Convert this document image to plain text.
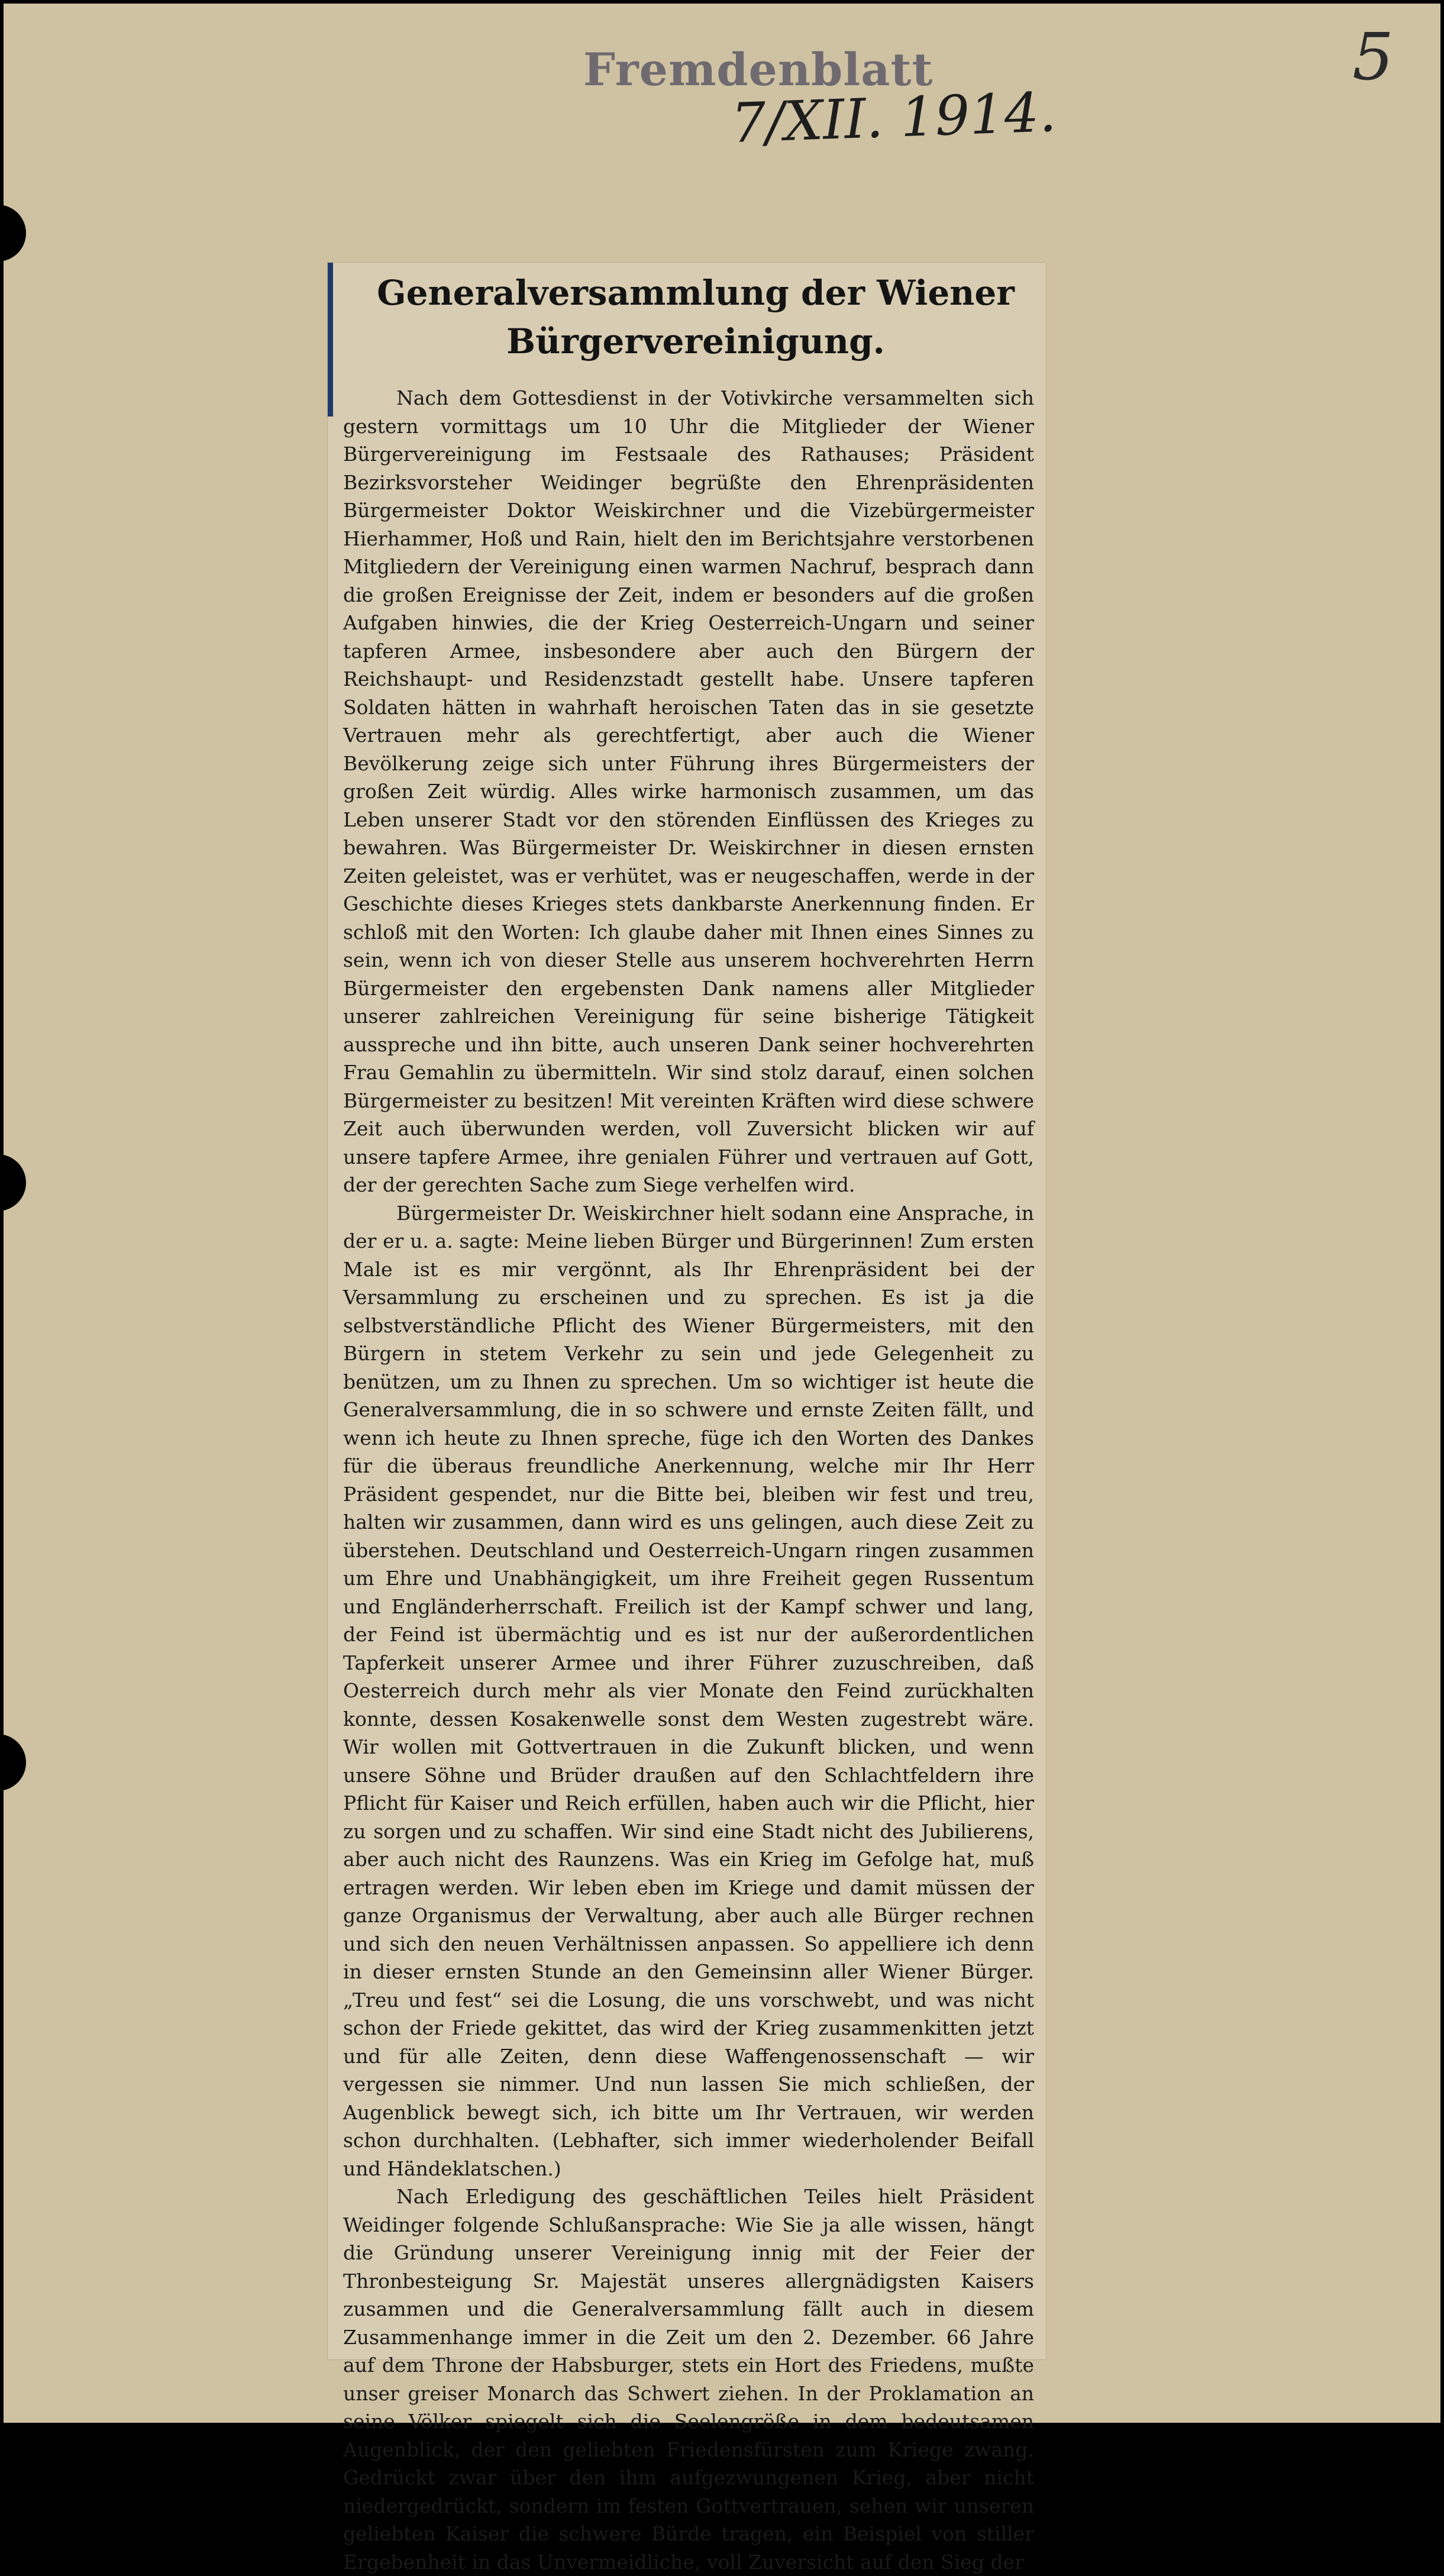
Fremdenblatt
7/XII. 1914.
5
Generalversammlung der Wiener Bürgervereinigung.

Nach dem Gottesdienst in der Votivkirche versammelten sich gestern vormittags um 10 Uhr die Mitglieder der Wiener Bürgervereinigung im Festsaale des Rathauses; Präsident Bezirksvorsteher Weidinger begrüßte den Ehrenpräsidenten Bürgermeister Doktor Weiskirchner und die Vizebürgermeister Hierhammer, Hoß und Rain, hielt den im Berichtsjahre verstorbenen Mitgliedern der Vereinigung einen warmen Nachruf, besprach dann die großen Ereignisse der Zeit, indem er besonders auf die großen Aufgaben hinwies, die der Krieg Oesterreich-Ungarn und seiner tapferen Armee, insbesondere aber auch den Bürgern der Reichshaupt- und Residenzstadt gestellt habe. Unsere tapferen Soldaten hätten in wahrhaft heroischen Taten das in sie gesetzte Vertrauen mehr als gerechtfertigt, aber auch die Wiener Bevölkerung zeige sich unter Führung ihres Bürgermeisters der großen Zeit würdig. Alles wirke harmonisch zusammen, um das Leben unserer Stadt vor den störenden Einflüssen des Krieges zu bewahren. Was Bürgermeister Dr. Weiskirchner in diesen ernsten Zeiten geleistet, was er verhütet, was er neugeschaffen, werde in der Geschichte dieses Krieges stets dankbarste Anerkennung finden. Er schloß mit den Worten: Ich glaube daher mit Ihnen eines Sinnes zu sein, wenn ich von dieser Stelle aus unserem hochverehrten Herrn Bürgermeister den ergebensten Dank namens aller Mitglieder unserer zahlreichen Vereinigung für seine bisherige Tätigkeit ausspreche und ihn bitte, auch unseren Dank seiner hochverehrten Frau Gemahlin zu übermitteln. Wir sind stolz darauf, einen solchen Bürgermeister zu besitzen! Mit vereinten Kräften wird diese schwere Zeit auch überwunden werden, voll Zuversicht blicken wir auf unsere tapfere Armee, ihre genialen Führer und vertrauen auf Gott, der der gerechten Sache zum Siege verhelfen wird.

Bürgermeister Dr. Weiskirchner hielt sodann eine Ansprache, in der er u. a. sagte: Meine lieben Bürger und Bürgerinnen! Zum ersten Male ist es mir vergönnt, als Ihr Ehrenpräsident bei der Versammlung zu erscheinen und zu sprechen. Es ist ja die selbstverständliche Pflicht des Wiener Bürgermeisters, mit den Bürgern in stetem Verkehr zu sein und jede Gelegenheit zu benützen, um zu Ihnen zu sprechen. Um so wichtiger ist heute die Generalversammlung, die in so schwere und ernste Zeiten fällt, und wenn ich heute zu Ihnen spreche, füge ich den Worten des Dankes für die überaus freundliche Anerkennung, welche mir Ihr Herr Präsident gespendet, nur die Bitte bei, bleiben wir fest und treu, halten wir zusammen, dann wird es uns gelingen, auch diese Zeit zu überstehen. Deutschland und Oesterreich-Ungarn ringen zusammen um Ehre und Unabhängigkeit, um ihre Freiheit gegen Russentum und Engländerherrschaft. Freilich ist der Kampf schwer und lang, der Feind ist übermächtig und es ist nur der außerordentlichen Tapferkeit unserer Armee und ihrer Führer zuzuschreiben, daß Oesterreich durch mehr als vier Monate den Feind zurückhalten konnte, dessen Kosakenwelle sonst dem Westen zugestrebt wäre. Wir wollen mit Gottvertrauen in die Zukunft blicken, und wenn unsere Söhne und Brüder draußen auf den Schlachtfeldern ihre Pflicht für Kaiser und Reich erfüllen, haben auch wir die Pflicht, hier zu sorgen und zu schaffen. Wir sind eine Stadt nicht des Jubilierens, aber auch nicht des Raunzens. Was ein Krieg im Gefolge hat, muß ertragen werden. Wir leben eben im Kriege und damit müssen der ganze Organismus der Verwaltung, aber auch alle Bürger rechnen und sich den neuen Verhältnissen anpassen. So appelliere ich denn in dieser ernsten Stunde an den Gemeinsinn aller Wiener Bürger. „Treu und fest“ sei die Losung, die uns vorschwebt, und was nicht schon der Friede gekittet, das wird der Krieg zusammenkitten jetzt und für alle Zeiten, denn diese Waffengenossenschaft — wir vergessen sie nimmer. Und nun lassen Sie mich schließen, der Augenblick bewegt sich, ich bitte um Ihr Vertrauen, wir werden schon durchhalten. (Lebhafter, sich immer wiederholender Beifall und Händeklatschen.)

Nach Erledigung des geschäftlichen Teiles hielt Präsident Weidinger folgende Schlußansprache: Wie Sie ja alle wissen, hängt die Gründung unserer Vereinigung innig mit der Feier der Thronbesteigung Sr. Majestät unseres allergnädigsten Kaisers zusammen und die Generalversammlung fällt auch in diesem Zusammenhange immer in die Zeit um den 2. Dezember. 66 Jahre auf dem Throne der Habsburger, stets ein Hort des Friedens, mußte unser greiser Monarch das Schwert ziehen. In der Proklamation an seine Völker spiegelt sich die Seelengröße in dem bedeutsamen Augenblick, der den geliebten Friedensfürsten zum Kriege zwang. Gedrückt zwar über den ihm aufgezwungenen Krieg, aber nicht niedergedrückt, sondern im festen Gottvertrauen, sehen wir unseren geliebten Kaiser die schwere Bürde tragen, ein Beispiel von stiller Ergebenheit in das Unvermeidliche, voll Zuversicht auf den Sieg der
